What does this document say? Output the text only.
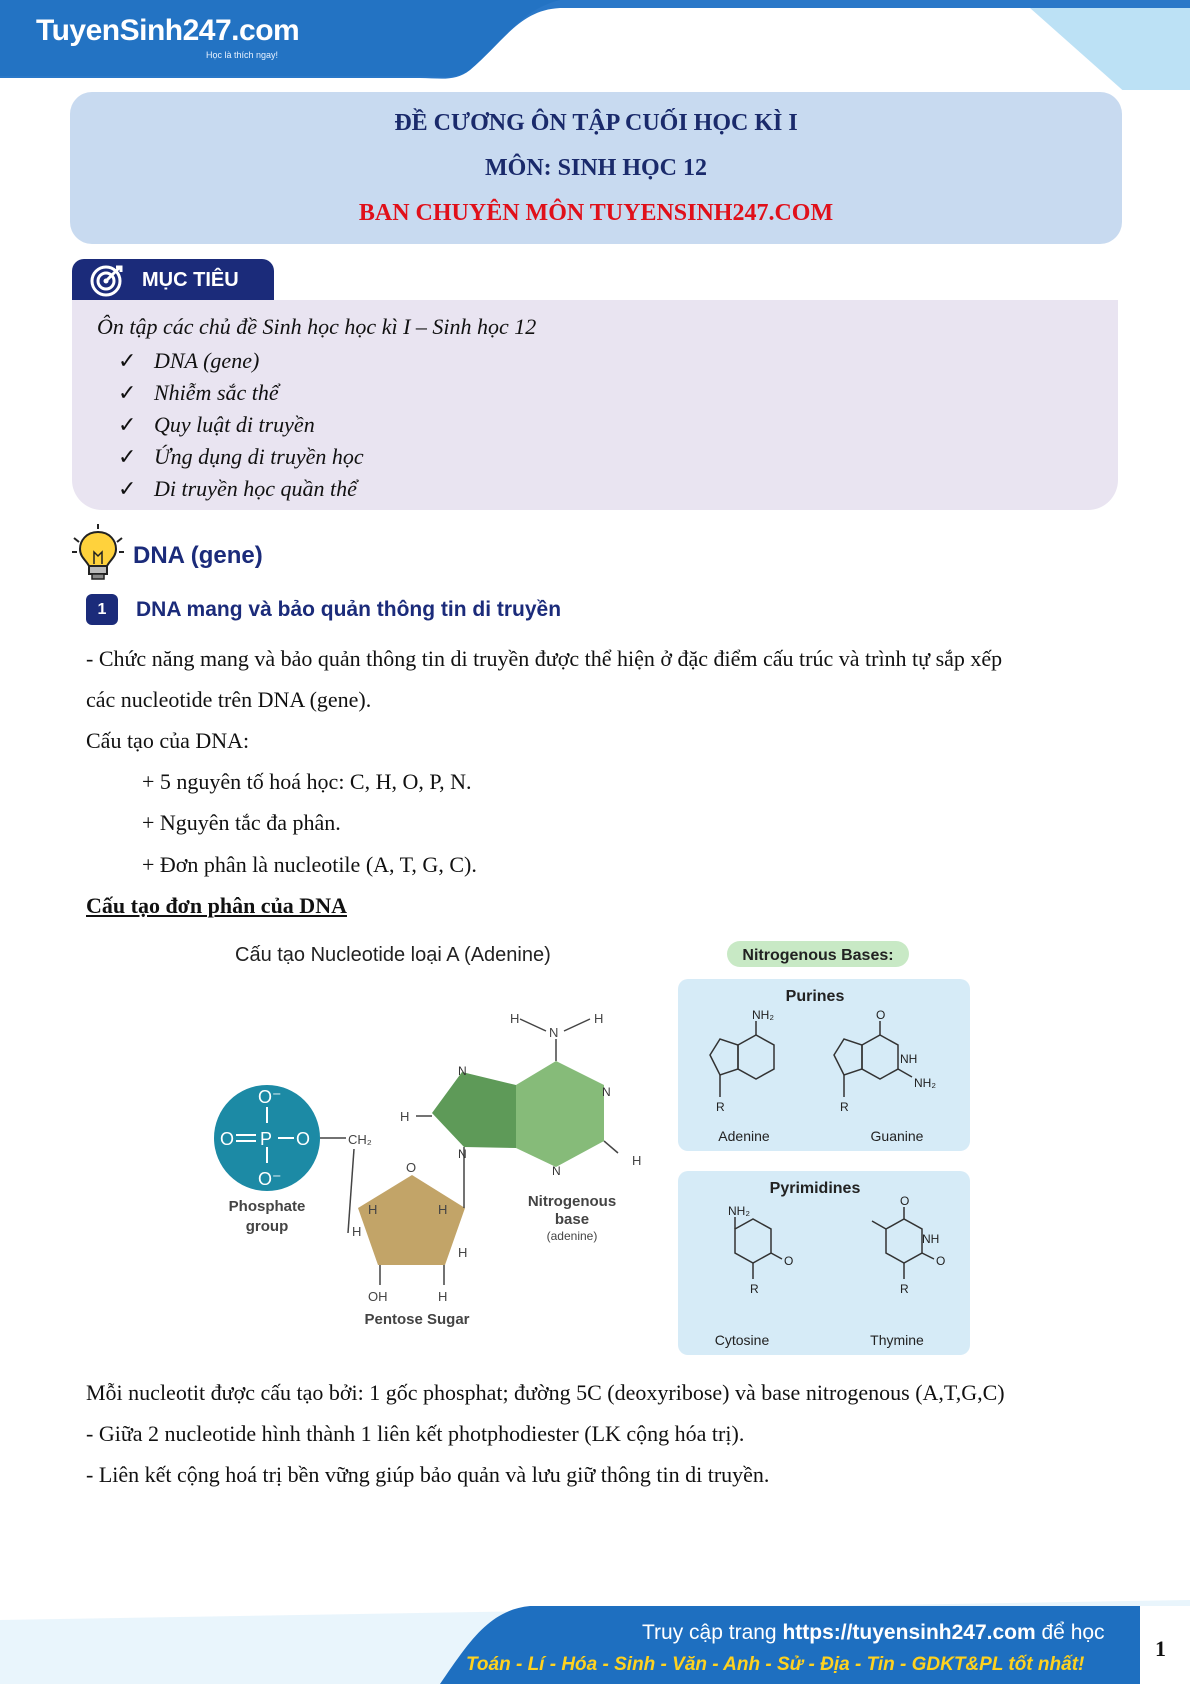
TuyenSinh247.com
Học là thích ngay!
ĐỀ CƯƠNG ÔN TẬP CUỐI HỌC KÌ I
MÔN: SINH HỌC 12
BAN CHUYÊN MÔN TUYENSINH247.COM
MỤC TIÊU
Ôn tập các chủ đề Sinh học học kì I – Sinh học 12
✓ DNA (gene)
✓ Nhiễm sắc thể
✓ Quy luật di truyền
✓ Ứng dụng di truyền học
✓ Di truyền học quần thể
DNA (gene)
1	DNA mang và bảo quản thông tin di truyền
- Chức năng mang và bảo quản thông tin di truyền được thể hiện ở đặc điểm cấu trúc và trình tự sắp xếp
các nucleotide trên DNA (gene).
Cấu tạo của DNA:
+ 5 nguyên tố hoá học: C, H, O, P, N.
+ Nguyên tắc đa phân.
+ Đơn phân là nucleotile (A, T, G, C).
Cấu tạo đơn phân của DNA
Cấu tạo Nucleotide loại A (Adenine)
O⁻
O P O
O⁻
Phosphate
group
CH₂
O
H	H
H
H
OH	H
Pentose Sugar
N
N
N
N
H
H
N
H	H
Nitrogenous
base
(adenine)
Nitrogenous Bases:
Purines
NH₂
R
O
NH
NH₂
R
Adenine	Guanine
Pyrimidines
NH₂
O
R
O
NH
O
R
Cytosine	Thymine
Mỗi nucleotit được cấu tạo bởi: 1 gốc phosphat; đường 5C (deoxyribose) và base nitrogenous (A,T,G,C)
- Giữa 2 nucleotide hình thành 1 liên kết photphodiester (LK cộng hóa trị).
- Liên kết cộng hoá trị bền vững giúp bảo quản và lưu giữ thông tin di truyền.
Truy cập trang https://tuyensinh247.com để học
Toán - Lí - Hóa - Sinh - Văn - Anh - Sử - Địa - Tin - GDKT&PL tốt nhất!
1
